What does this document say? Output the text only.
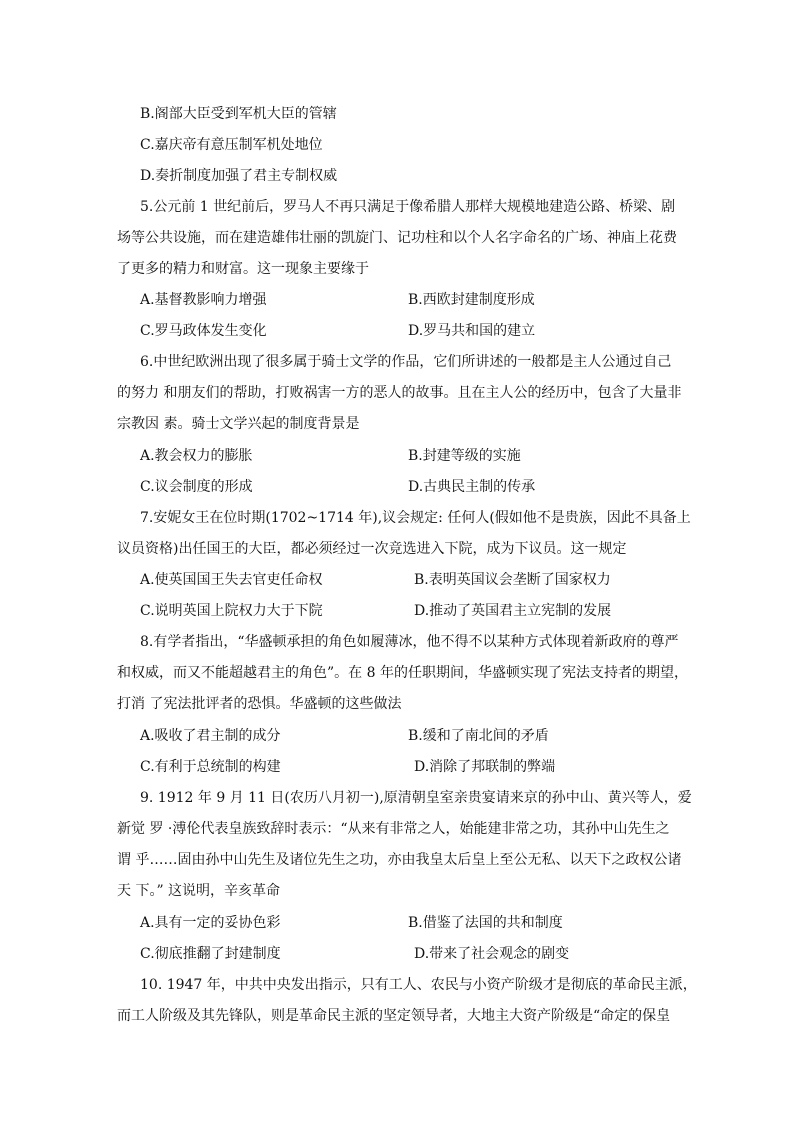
B.阁部大臣受到军机大臣的管辖
C.嘉庆帝有意压制军机处地位
D.奏折制度加强了君主专制权威
5.公元前 1 世纪前后，罗马人不再只满足于像希腊人那样大规模地建造公路、桥梁、剧
场等公共设施，而在建造雄伟壮丽的凯旋门、记功柱和以个人名字命名的广场、神庙上花费
了更多的精力和财富。这一现象主要缘于
A.基督教影响力增强	B.西欧封建制度形成
C.罗马政体发生变化	D.罗马共和国的建立
6.中世纪欧洲出现了很多属于骑士文学的作品，它们所讲述的一般都是主人公通过自己
的努力 和朋友们的帮助，打败祸害一方的恶人的故事。且在主人公的经历中，包含了大量非
宗教因 素。骑士文学兴起的制度背景是
A.教会权力的膨胀	B.封建等级的实施
C.议会制度的形成	D.古典民主制的传承
7.安妮女王在位时期(1702~1714 年),议会规定: 任何人(假如他不是贵族，因此不具备上
议员资格)出任国王的大臣，都必须经过一次竞选进入下院，成为下议员。这一规定
A.使英国国王失去官吏任命权	B.表明英国议会垄断了国家权力
C.说明英国上院权力大于下院	D.推动了英国君主立宪制的发展
8.有学者指出，“华盛顿承担的角色如履薄冰，他不得不以某种方式体现着新政府的尊严
和权威，而又不能超越君主的角色”。在 8 年的任职期间，华盛顿实现了宪法支持者的期望，
打消 了宪法批评者的恐惧。华盛顿的这些做法
A.吸收了君主制的成分	B.缓和了南北间的矛盾
C.有利于总统制的构建	D.消除了邦联制的弊端
9. 1912 年 9 月 11 日(农历八月初一),原清朝皇室亲贵宴请来京的孙中山、黄兴等人，爱
新觉 罗 ·溥伦代表皇族致辞时表示：“从来有非常之人，始能建非常之功，其孙中山先生之
谓 乎……固由孙中山先生及诸位先生之功，亦由我皇太后皇上至公无私、以天下之政权公诸
天 下。” 这说明，辛亥革命
A.具有一定的妥协色彩	B.借鉴了法国的共和制度
C.彻底推翻了封建制度	D.带来了社会观念的剧变
10. 1947 年，中共中央发出指示，只有工人、农民与小资产阶级才是彻底的革命民主派，
而工人阶级及其先锋队，则是革命民主派的坚定领导者，大地主大资产阶级是“命定的保皇
